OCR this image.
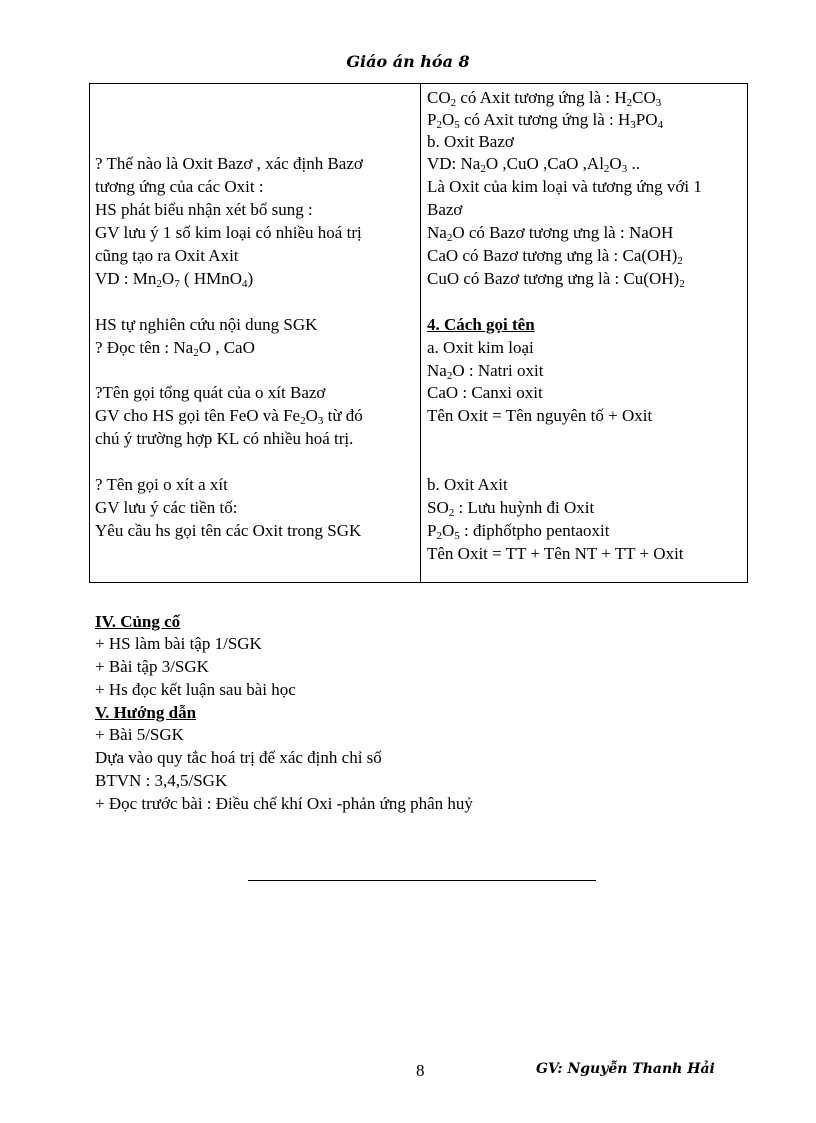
Giáo án hóa 8
? Thế nào là Oxit Bazơ , xác định Bazơ
tương ứng của các Oxit :
HS phát biểu nhận xét bổ sung :
GV lưu ý 1 số kim loại có nhiều hoá trị
cũng tạo ra Oxit Axit
VD : $Mn_2O_7$ ( HMnO$_4$)
HS tự nghiên cứu nội dung SGK
? Đọc tên : $Na_2O$ , CaO
?Tên gọi tổng quát của o xít Bazơ
GV cho HS gọi tên FeO và $Fe_2O_3$ từ đó
chú ý trường hợp KL có nhiều hoá trị.
? Tên gọi o xít a xít
GV lưu ý các tiền tố:
Yêu cầu hs gọi tên các Oxit trong SGK
$CO_2$ có Axit tương ứng là : $H_2CO_3$
$P_2O_5$ có Axit tương ứng là : $H_3PO_4$
b. Oxit Bazơ
VD: $Na_2O$ ,CuO ,CaO $,Al_2O_3$ ..
Là Oxit của kim loại và tương ứng với 1
Bazơ
$Na_2O$ có Bazơ tương ưng là : NaOH
CaO có Bazơ tương ưng là : $Ca(OH)_2$
CuO có Bazơ tương ưng là : $Cu(OH)_2$
4. Cách gọi tên
a. Oxit kim loại
$Na_2O$ : Natri oxit
CaO : Canxi oxit
Tên Oxit = Tên nguyên tố + Oxit
b. Oxit Axit
$SO_2$ : Lưu huỳnh đi Oxit
$P_2O_5$ : điphốtpho pentaoxit
Tên Oxit = TT + Tên NT + TT + Oxit
IV. Củng cố
+ HS làm bài tập 1/SGK
+ Bài tập 3/SGK
+ Hs đọc kết luận sau bài học
V. Hướng dẫn
+ Bài 5/SGK
Dựa vào quy tắc hoá trị để xác định chỉ số
BTVN : 3,4,5/SGK
+ Đọc trước bài : Điều chế khí Oxi -phản ứng phân huỷ
8	GV: Nguyễn Thanh Hải
